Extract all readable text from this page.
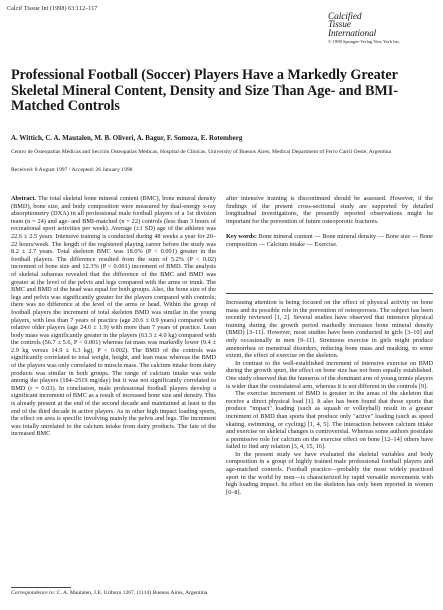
Calcif Tissue Int (1998) 63:112–117
Calcified
Tissue
International
© 1998 Springer-Verlag New York Inc.
Professional Football (Soccer) Players Have a Markedly Greater Skeletal Mineral Content, Density and Size Than Age- and BMI-Matched Controls
A. Wittich, C. A. Mautalen, M. B. Oliveri, A. Bagur, F. Somoza, E. Rotemberg
Centro de Osteopatías Médicas and Sección Osteopatías Médicas, Hospital de Clínicas, University of Buenos Aires, Medical Department of Ferro Carril Oeste, Argentina
Received: 8 August 1997 / Accepted: 26 January 1998

Abstract. The total skeletal bone mineral content (BMC), bone mineral density (BMD), bone size, and body composition were measured by dual-energy x-ray absorptiometry (DXA) in all professional male football players of a 1st division team (n = 24) and age- and BMI-matched (n = 22) controls (less than 3 hours of recreational sport activities per week). Average (±1 SD) age of the athletes was 22.6 ± 2.5 years. Intensive training is conducted during 48 weeks a year for 20–22 hours/week. The length of the registered playing career before the study was 8.2 ± 2.7 years. Total skeleton BMC was 18.0% (P < 0.001) greater in the football players. The difference resulted from the sum of 5.2% (P < 0.02) increment of bone size and 12.3% (P < 0.001) increment of BMD. The analysis of skeletal subareas revealed that the difference of the BMC and BMD was greater at the level of the pelvis and legs compared with the arms or trunk. The BMC and BMD of the head was equal for both groups. Also, the bone size of the legs and pelvis was significantly greater for the players compared with controls; there was no difference at the level of the arms or head. Within the group of football players the increment of total skeleton BMD was similar in the young players, with less than 7 years of practice (age 20.6 ± 0.9 years) compared with relative older players (age 24.6 ± 1.9) with more than 7 years of practice. Lean body mass was significantly greater in the players (63.3 ± 4.0 kg) compared with the controls (56.7 ± 5.6, P < 0.001) whereas fat mass was markedly lower (9.4 ± 2.9 kg versus 14.9 ± 6.3 kg), P < 0.002). The BMD of the controls was significantly correlated to total weight, height, and lean mass whereas the BMD of the players was only correlated to muscle mass. The calcium intake from dairy products was similar in both groups. The range of calcium intake was wide among the players (184–2519 mg/day) but it was not significantly correlated to BMD (r = 0.03). In conclusion, male professional football players develop a significant increment of BMC as a result of increased bone size and density. This is already present at the end of the second decade and maintained at least to the end of the third decade in active players. As in other high impact loading sports, the effect on area is specific involving mainly the pelvis and legs. The increment was totally unrelated to the calcium intake from dairy products. The fate of the increased BMC

after intensive training is discontinued should be assessed. However, if the findings of the present cross-sectional study are supported by detailed longitudinal investigations, the presently reported observations might be important for the prevention of future osteoporotic fractures.

Key words: Bone mineral content — Bone mineral density — Bone size — Bone composition — Calcium intake — Exercise.

Increasing attention is being focused on the effect of physical activity on bone mass and its possible role in the prevention of osteoporosis. The subject has been recently reviewed [1, 2]. Several studies have observed that intensive physical training during the growth period markedly increases bone mineral density (BMD) [3–11]. However, most studies have been conducted in girls [3–10] and only occasionally in men [9–11]. Strenuous exercise in girls might produce amenorrhea or menstrual disorders, reducing bone mass and masking, to some extent, the effect of exercise on the skeleton.

In contrast to the well-established increment of intensive exercise on BMD during the growth spurt, the effect on bone size has not been equally established. One study observed that the humerus of the dominant arm of young tennis players is wider than the contralateral arm, whereas it is not different in the controls [9].

The exercise increment of BMD is greater in the areas of the skeleton that receive a direct physical load [1]. It also has been found that those sports that produce "impact" loading (such as squash or volleyball) result in a greater increment of BMD than sports that produce only "active" loading (such as speed skating, swimming, or cycling) [1, 4, 5]. The interaction between calcium intake and exercise on skeletal changes is controversial. Whereas some authors postulate a permissive role for calcium on the exercise effect on bone [12–14] others have failed to find any relation [3, 4, 15, 16].

In the present study we have evaluated the skeletal variables and body composition in a group of highly trained male professional football players and age-matched controls. Football practice—probably the most widely practiced sport in the world by men—is characterized by rapid versatile movements with high loading impact. Its effect on the skeleton has only been reported in women [6–8].

Correspondence to: C. A. Mautalen, J.E. Uriburu 1267, (1114) Buenos Aires, Argentina
